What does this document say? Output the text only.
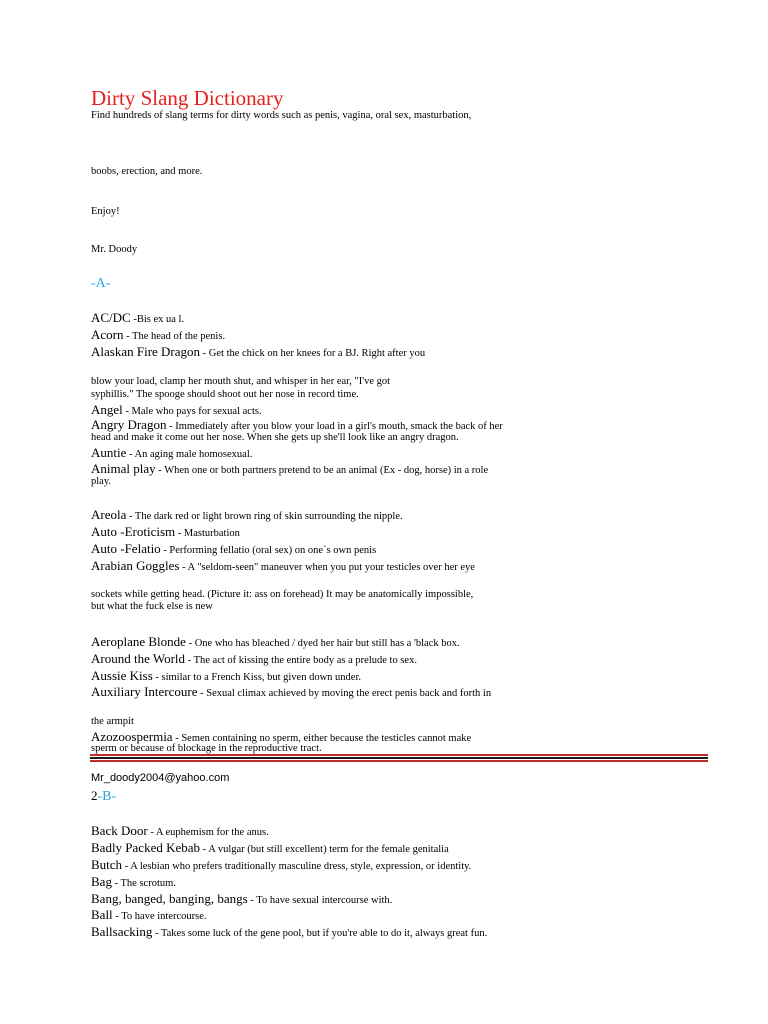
Dirty Slang Dictionary
Find hundreds of slang terms for dirty words such as penis, vagina, oral sex, masturbation,
boobs, erection, and more.
Enjoy!
Mr. Doody
-A-
AC/DC -Bis ex ua l.
Acorn - The head of the penis.
Alaskan Fire Dragon - Get the chick on her knees for a BJ. Right after you
blow your load, clamp her mouth shut, and whisper in her ear, "I've got
syphillis." The spooge should shoot out her nose in record time.
Angel - Male who pays for sexual acts.
Angry Dragon - Immediately after you blow your load in a girl's mouth, smack the back of her
head and make it come out her nose. When she gets up she'll look like an angry dragon.
Auntie - An aging male homosexual.
Animal play - When one or both partners pretend to be an animal (Ex - dog, horse) in a role
play.
Areola - The dark red or light brown ring of skin surrounding the nipple.
Auto -Eroticism - Masturbation
Auto -Felatio - Performing fellatio (oral sex) on one`s own penis
Arabian Goggles - A "seldom-seen" maneuver when you put your testicles over her eye
sockets while getting head. (Picture it: ass on forehead) It may be anatomically impossible,
but what the fuck else is new
Aeroplane Blonde - One who has bleached / dyed her hair but still has a 'black box.
Around the World - The act of kissing the entire body as a prelude to sex.
Aussie Kiss - similar to a French Kiss, but given down under.
Auxiliary Intercoure - Sexual climax achieved by moving the erect penis back and forth in
the armpit
Azozoospermia - Semen containing no sperm, either because the testicles cannot make
sperm or because of blockage in the reproductive tract.
Mr_doody2004@yahoo.com
2-B-
Back Door - A euphemism for the anus.
Badly Packed Kebab - A vulgar (but still excellent) term for the female genitalia
Butch - A lesbian who prefers traditionally masculine dress, style, expression, or identity.
Bag - The scrotum.
Bang, banged, banging, bangs - To have sexual intercourse with.
Ball - To have intercourse.
Ballsacking - Takes some luck of the gene pool, but if you're able to do it, always great fun.
